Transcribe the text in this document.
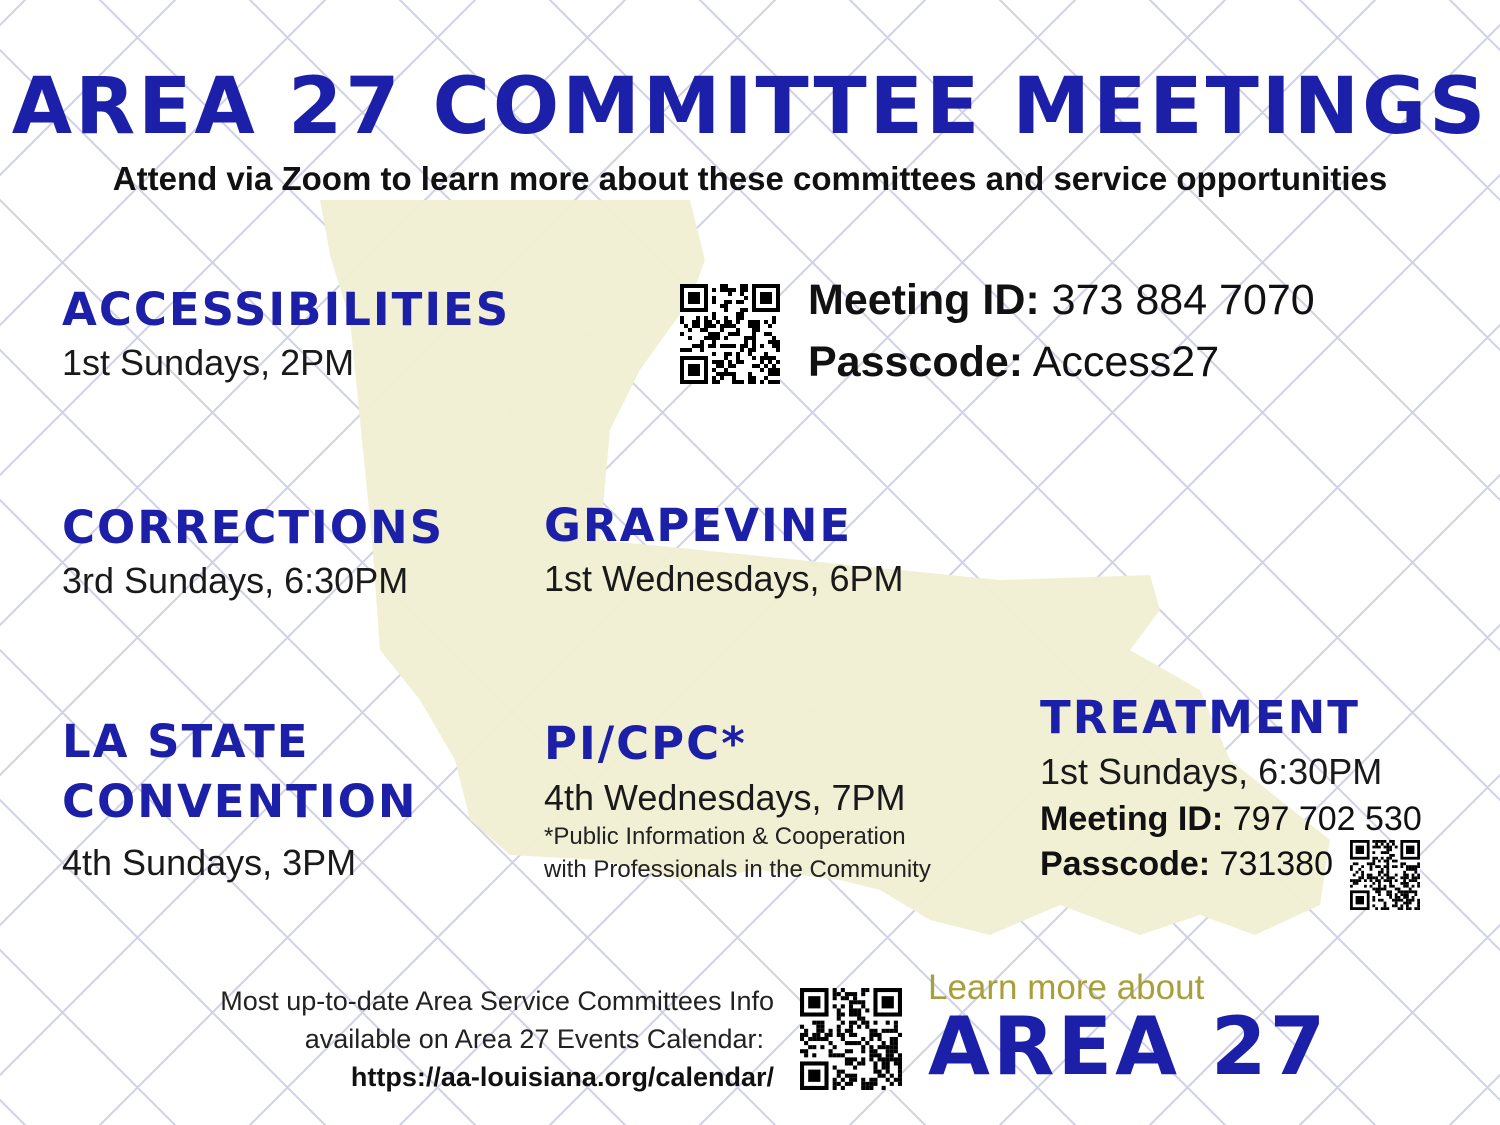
AREA 27 COMMITTEE MEETINGS
Attend via Zoom to learn more about these committees and service opportunities
ACCESSIBILITIES
1st Sundays, 2PM
Meeting ID: 373 884 7070
Passcode: Access27
CORRECTIONS
3rd Sundays, 6:30PM
GRAPEVINE
1st Wednesdays, 6PM
LA STATE
CONVENTION
4th Sundays, 3PM
PI/CPC*
4th Wednesdays, 7PM
*Public Information & Cooperation
with Professionals in the Community
TREATMENT
1st Sundays, 6:30PM
Meeting ID: 797 702 530
Passcode: 731380
Most up-to-date Area Service Committees Info
available on Area 27 Events Calendar:
https://aa-louisiana.org/calendar/
Learn more about
AREA 27
